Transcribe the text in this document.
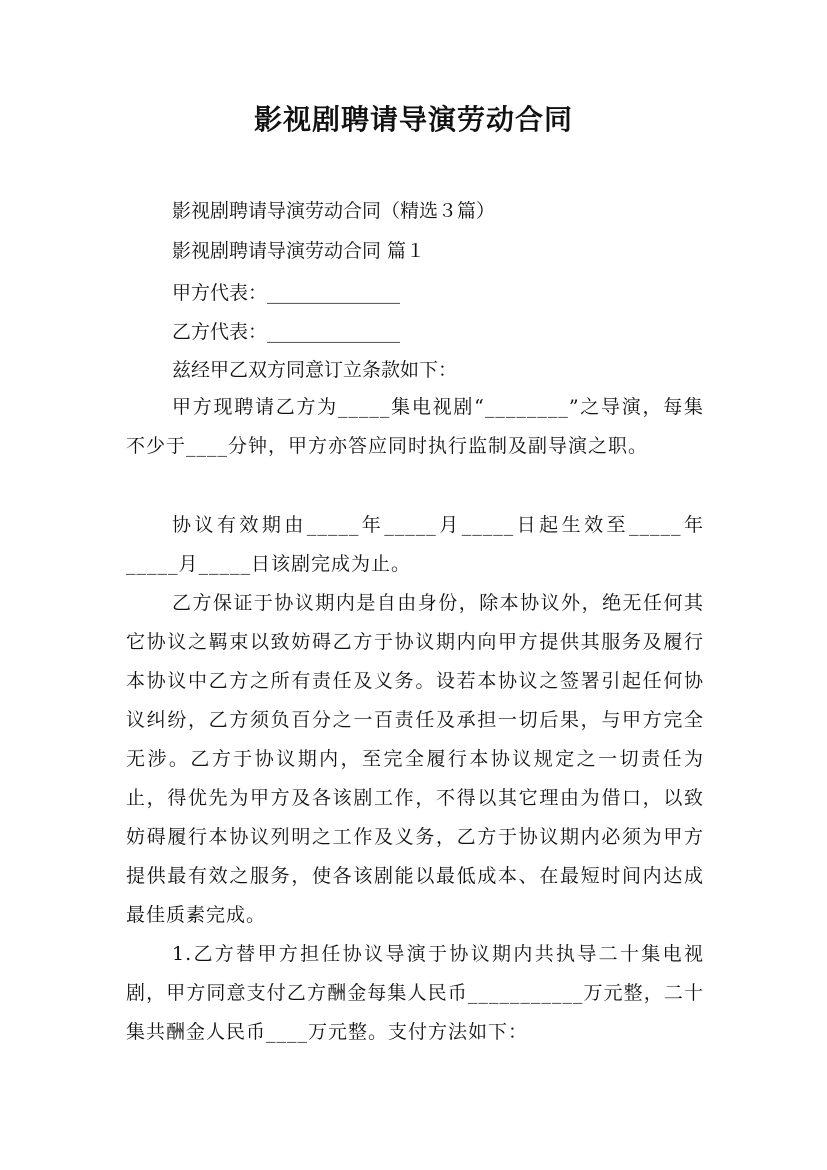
影视剧聘请导演劳动合同

影视剧聘请导演劳动合同（精选３篇）

影视剧聘请导演劳动合同 篇１

甲方代表：______________

乙方代表：______________

兹经甲乙双方同意订立条款如下：

甲方现聘请乙方为_____集电视剧“________”之导演，每集不少于____分钟，甲方亦答应同时执行监制及副导演之职。

协议有效期由_____年_____月_____日起生效至_____年_____月_____日该剧完成为止。

乙方保证于协议期内是自由身份，除本协议外，绝无任何其它协议之羁束以致妨碍乙方于协议期内向甲方提供其服务及履行本协议中乙方之所有责任及义务。设若本协议之签署引起任何协议纠纷，乙方须负百分之一百责任及承担一切后果，与甲方完全无涉。乙方于协议期内，至完全履行本协议规定之一切责任为止，得优先为甲方及各该剧工作，不得以其它理由为借口，以致妨碍履行本协议列明之工作及义务，乙方于协议期内必须为甲方提供最有效之服务，使各该剧能以最低成本、在最短时间内达成最佳质素完成。

1.乙方替甲方担任协议导演于协议期内共执导二十集电视剧，甲方同意支付乙方酬金每集人民币___________万元整，二十集共酬金人民币____万元整。支付方法如下：
